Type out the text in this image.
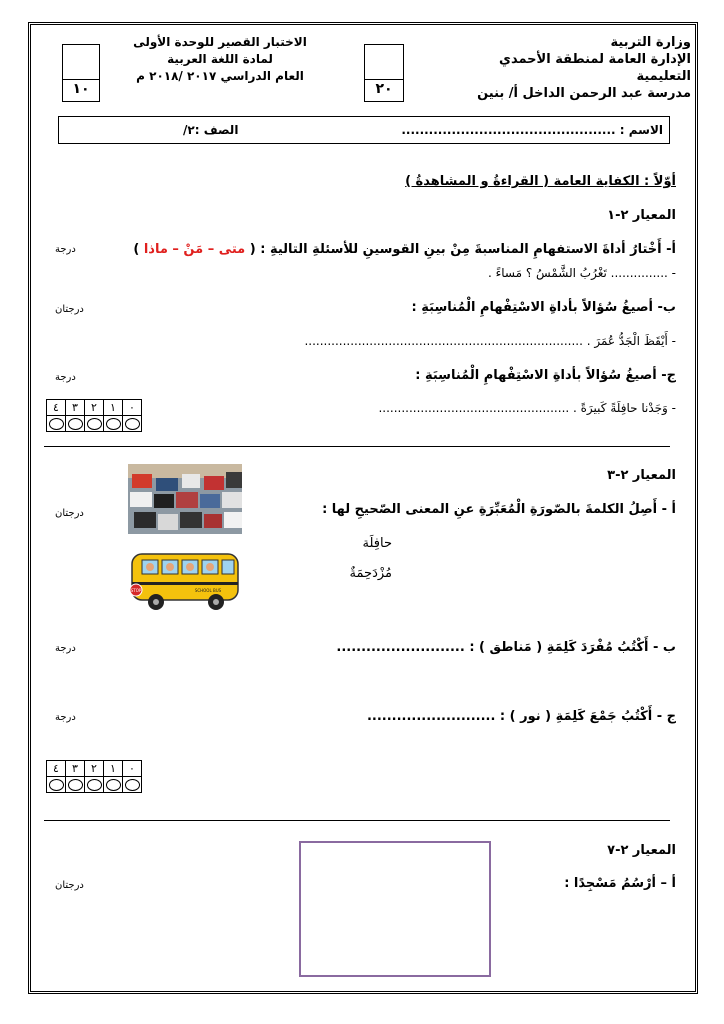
وزارة التربية
الإدارة العامة لمنطقة الأحمدي التعليمية
مدرسة عبد الرحمن الداخل أ/ بنين
٢٠
الاختبار القصير للوحدة الأولى
لمادة اللغة العربية
العام الدراسي ٢٠١٧ /٢٠١٨ م
١٠
الاسم : ...............................................
الصف :٢/
أوّلاً : الكفاية العامة ( القراءةُ و المشاهدةُ )
المعيار ٢-١
أ- أَخْتارُ أداةَ الاستفهامِ المناسبةَ مِنْ بينِ القوسينِ للأسئلةِ التاليةِ : ( متى – مَنْ – ماذا )
درجة
- ............... تَغْرُبُ الشَّمْسُ ؟ مَساءً .
ب- أصيغُ سُؤالاً بأداةِ الاسْتِفْهامِ الْمُناسِبَةِ :
درجتان
- أَيْقَظَ الْجَدُّ عُمَرَ . .........................................................................
ج- أصيغُ سُؤالاً بأداةِ الاسْتِفْهامِ الْمُناسِبَةِ :
درجة
- وَجَدْنا حافِلَةً كَبيرَةً . ..................................................
٤	٣	٢	١	٠

المعيار ٢-٣
STOP	SCHOOL BUS
أ - أَصِلُ الكلمةَ بالصّورَةِ الْمُعَبِّرَةِ عنِ المعنى الصّحيحِ لها :
درجتان
حافِلَة
مُزْدَحِمَةٌ
ب - أَكْتُبُ مُفْرَدَ كَلِمَةِ ( مَناطق ) : ..........................
درجة
ج - أَكْتُبُ جَمْعَ كَلِمَةِ ( نور ) : ..........................
درجة
٤	٣	٢	١	٠

المعيار ٢-٧
أ – أرْسُمُ مَسْجِدًا :
درجتان
